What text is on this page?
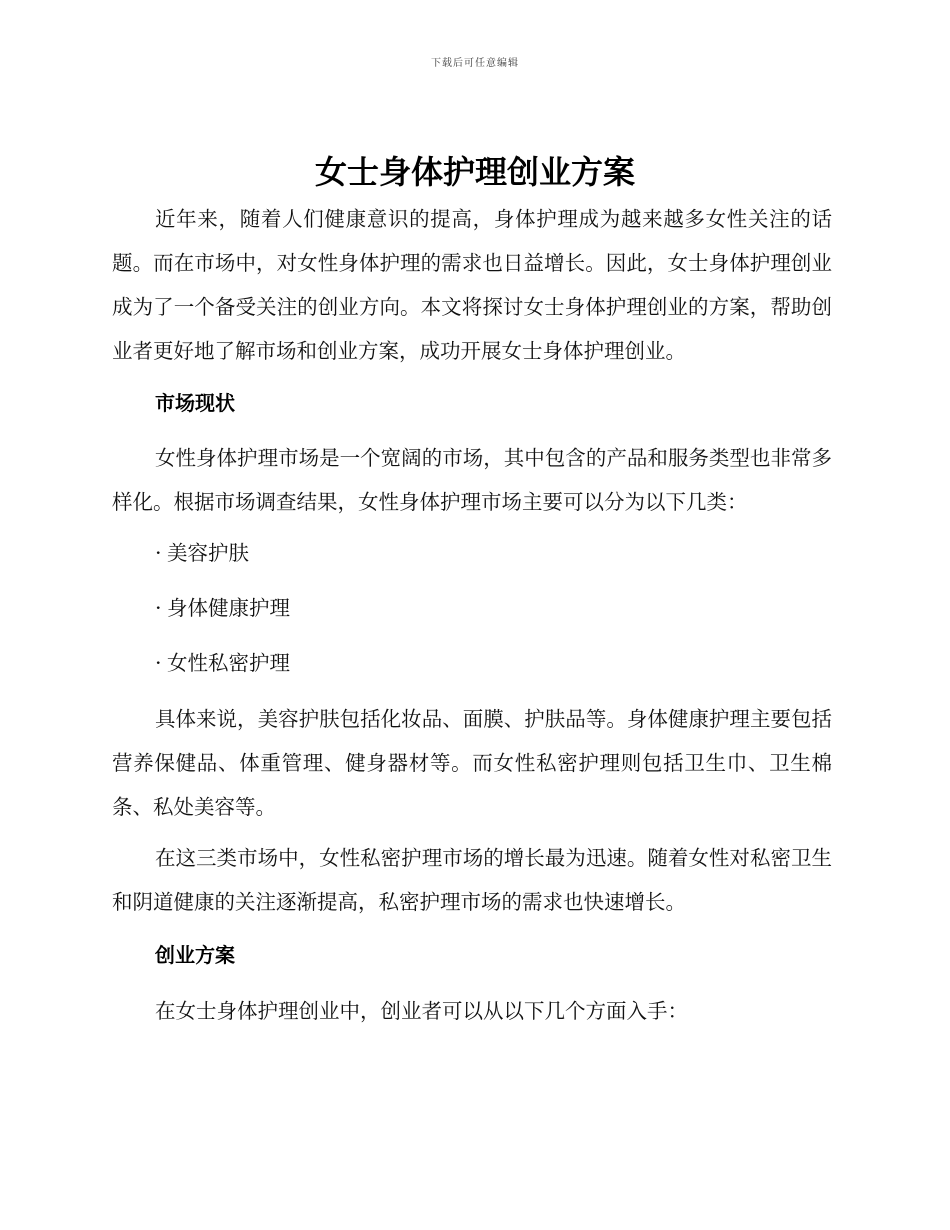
下载后可任意编辑
女士身体护理创业方案

近年来，随着人们健康意识的提高，身体护理成为越来越多女性关注的话题。而在市场中，对女性身体护理的需求也日益增长。因此，女士身体护理创业成为了一个备受关注的创业方向。本文将探讨女士身体护理创业的方案，帮助创业者更好地了解市场和创业方案，成功开展女士身体护理创业。

市场现状

女性身体护理市场是一个宽阔的市场，其中包含的产品和服务类型也非常多样化。根据市场调查结果，女性身体护理市场主要可以分为以下几类：

· 美容护肤
· 身体健康护理
· 女性私密护理

具体来说，美容护肤包括化妆品、面膜、护肤品等。身体健康护理主要包括营养保健品、体重管理、健身器材等。而女性私密护理则包括卫生巾、卫生棉条、私处美容等。

在这三类市场中，女性私密护理市场的增长最为迅速。随着女性对私密卫生和阴道健康的关注逐渐提高，私密护理市场的需求也快速增长。

创业方案

在女士身体护理创业中，创业者可以从以下几个方面入手：
